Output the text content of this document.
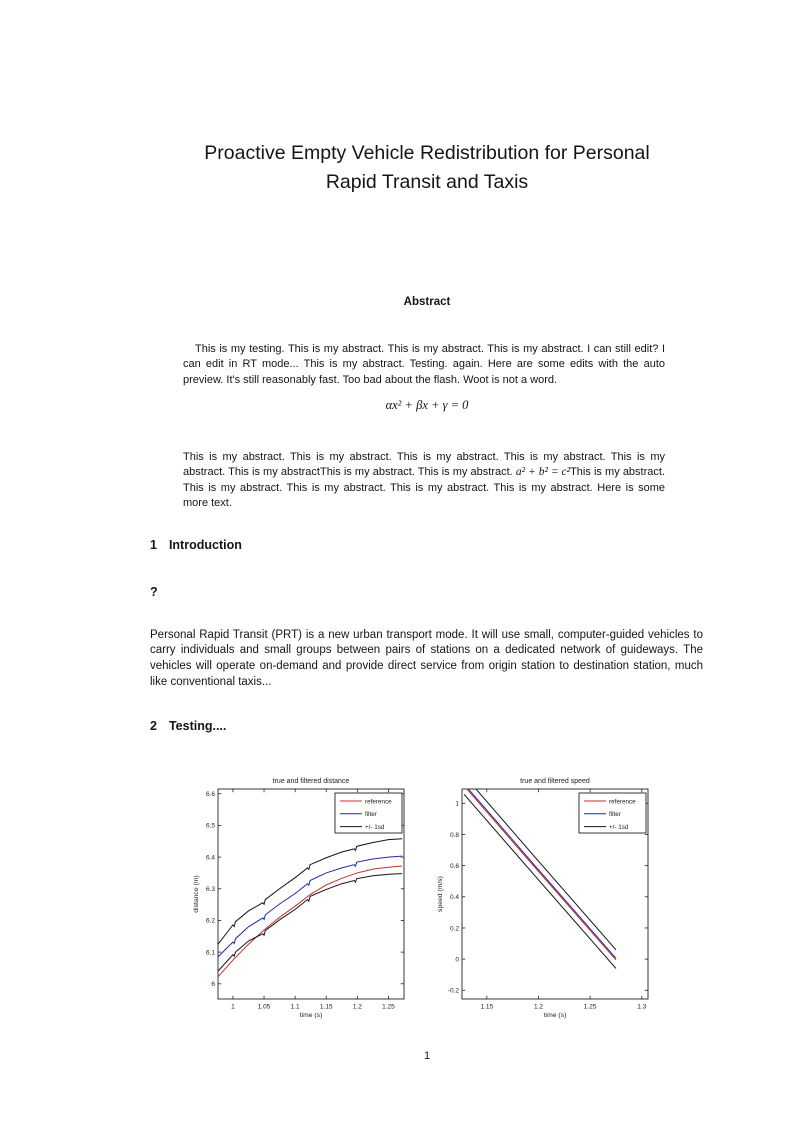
Proactive Empty Vehicle Redistribution for Personal
Rapid Transit and Taxis
Abstract

This is my testing. This is my abstract. This is my abstract. This is my abstract. I can still edit? I can edit in RT mode... This is my abstract. Testing. again. Here are some edits with the auto preview. It's still reasonably fast. Too bad about the flash. Woot is not a word.

αx² + βx + γ = 0

This is my abstract. This is my abstract. This is my abstract. This is my abstract. This is my abstract. This is my abstractThis is my abstract. This is my abstract. a² + b² = c²This is my abstract. This is my abstract. This is my abstract. This is my abstract. This is my abstract. Here is some more text.

1 Introduction
?

Personal Rapid Transit (PRT) is a new urban transport mode. It will use small, computer-guided vehicles to carry individuals and small groups between pairs of stations on a dedicated network of guideways. The vehicles will operate on-demand and provide direct service from origin station to destination station, much like conventional taxis...

2 Testing....
1	1.05	1.1	1.15	1.2	1.25
6
6.1
6.2
6.3
6.4
6.5
6.6
true and filtered distance
time (s)
distance (m)
reference
filter
+/- 1sd
1.15	1.2	1.25	1.3
-0.2
0
0.2
0.4
0.6
0.8
1
true and filtered speed
time (s)
speed (m/s)
reference
filter
+/- 1sd
1
